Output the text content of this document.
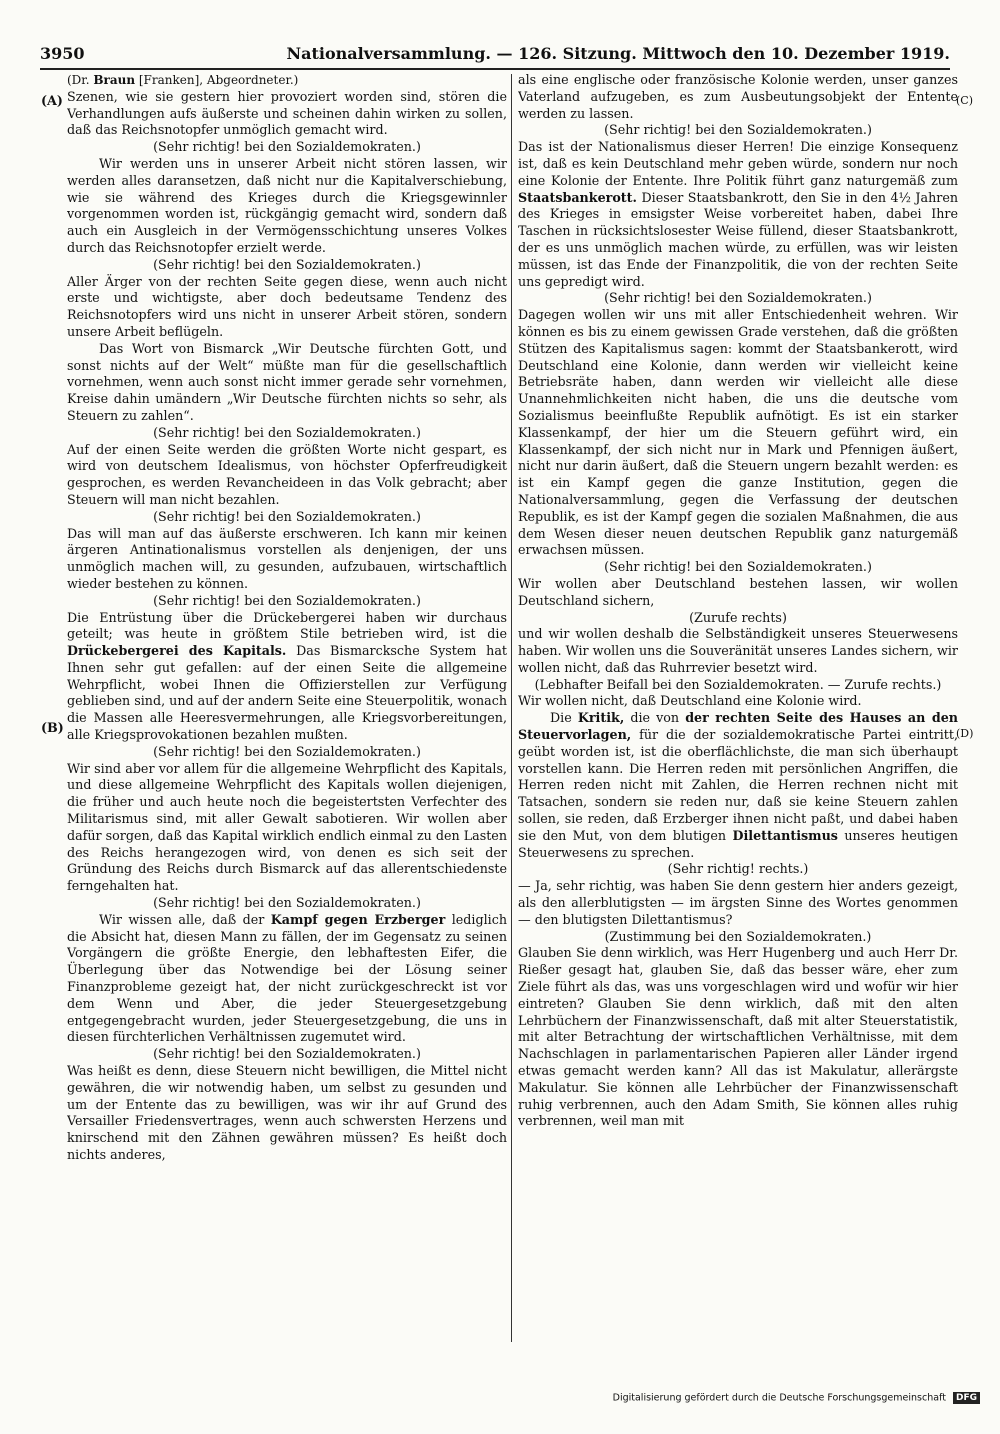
3950	Nationalversammlung. — 126. Sitzung. Mittwoch den 10. Dezember 1919.
(A)
(B)	(D)
(C)

(Dr. Braun [Franken], Abgeordneter.)

Szenen, wie sie gestern hier provoziert worden sind, stören die Verhandlungen aufs äußerste und scheinen dahin wirken zu sollen, daß das Reichsnotopfer unmöglich gemacht wird.

(Sehr richtig! bei den Sozialdemokraten.)

Wir werden uns in unserer Arbeit nicht stören lassen, wir werden alles daransetzen, daß nicht nur die Kapitalverschiebung, wie sie während des Krieges durch die Kriegsgewinnler vorgenommen worden ist, rückgängig gemacht wird, sondern daß auch ein Ausgleich in der Vermögensschichtung unseres Volkes durch das Reichsnotopfer erzielt werde.

(Sehr richtig! bei den Sozialdemokraten.)

Aller Ärger von der rechten Seite gegen diese, wenn auch nicht erste und wichtigste, aber doch bedeutsame Tendenz des Reichsnotopfers wird uns nicht in unserer Arbeit stören, sondern unsere Arbeit beflügeln.

Das Wort von Bismarck „Wir Deutsche fürchten Gott, und sonst nichts auf der Welt“ müßte man für die gesellschaftlich vornehmen, wenn auch sonst nicht immer gerade sehr vornehmen, Kreise dahin umändern „Wir Deutsche fürchten nichts so sehr, als Steuern zu zahlen“.

(Sehr richtig! bei den Sozialdemokraten.)

Auf der einen Seite werden die größten Worte nicht gespart, es wird von deutschem Idealismus, von höchster Opferfreudigkeit gesprochen, es werden Revancheideen in das Volk gebracht; aber Steuern will man nicht bezahlen.

(Sehr richtig! bei den Sozialdemokraten.)

Das will man auf das äußerste erschweren. Ich kann mir keinen ärgeren Antinationalismus vorstellen als denjenigen, der uns unmöglich machen will, zu gesunden, aufzubauen, wirtschaftlich wieder bestehen zu können.

(Sehr richtig! bei den Sozialdemokraten.)

Die Entrüstung über die Drückebergerei haben wir durchaus geteilt; was heute in größtem Stile betrieben wird, ist die Drückebergerei des Kapitals. Das Bismarcksche System hat Ihnen sehr gut gefallen: auf der einen Seite die allgemeine Wehrpflicht, wobei Ihnen die Offizierstellen zur Verfügung geblieben sind, und auf der andern Seite eine Steuerpolitik, wonach die Massen alle Heeresvermehrungen, alle Kriegsvorbereitungen, alle Kriegsprovokationen bezahlen mußten.

(Sehr richtig! bei den Sozialdemokraten.)

Wir sind aber vor allem für die allgemeine Wehrpflicht des Kapitals, und diese allgemeine Wehrpflicht des Kapitals wollen diejenigen, die früher und auch heute noch die begeistertsten Verfechter des Militarismus sind, mit aller Gewalt sabotieren. Wir wollen aber dafür sorgen, daß das Kapital wirklich endlich einmal zu den Lasten des Reichs herangezogen wird, von denen es sich seit der Gründung des Reichs durch Bismarck auf das allerentschiedenste ferngehalten hat.

(Sehr richtig! bei den Sozialdemokraten.)

Wir wissen alle, daß der Kampf gegen Erzberger lediglich die Absicht hat, diesen Mann zu fällen, der im Gegensatz zu seinen Vorgängern die größte Energie, den lebhaftesten Eifer, die Überlegung über das Notwendige bei der Lösung seiner Finanzprobleme gezeigt hat, der nicht zurückgeschreckt ist vor dem Wenn und Aber, die jeder Steuergesetzgebung entgegengebracht wurden, jeder Steuergesetzgebung, die uns in diesen fürchterlichen Verhältnissen zugemutet wird.

(Sehr richtig! bei den Sozialdemokraten.)

Was heißt es denn, diese Steuern nicht bewilligen, die Mittel nicht gewähren, die wir notwendig haben, um selbst zu gesunden und um der Entente das zu bewilligen, was wir ihr auf Grund des Versailler Friedensvertrages, wenn auch schwersten Herzens und knirschend mit den Zähnen gewähren müssen? Es heißt doch nichts anderes,

als eine englische oder französische Kolonie werden, unser ganzes Vaterland aufzugeben, es zum Ausbeutungsobjekt der Entente werden zu lassen.

(Sehr richtig! bei den Sozialdemokraten.)

Das ist der Nationalismus dieser Herren! Die einzige Konsequenz ist, daß es kein Deutschland mehr geben würde, sondern nur noch eine Kolonie der Entente. Ihre Politik führt ganz naturgemäß zum Staatsbankerott. Dieser Staatsbankrott, den Sie in den 4½ Jahren des Krieges in emsigster Weise vorbereitet haben, dabei Ihre Taschen in rücksichtslosester Weise füllend, dieser Staatsbankrott, der es uns unmöglich machen würde, zu erfüllen, was wir leisten müssen, ist das Ende der Finanzpolitik, die von der rechten Seite uns gepredigt wird.

(Sehr richtig! bei den Sozialdemokraten.)

Dagegen wollen wir uns mit aller Entschiedenheit wehren. Wir können es bis zu einem gewissen Grade verstehen, daß die größten Stützen des Kapitalismus sagen: kommt der Staatsbankerott, wird Deutschland eine Kolonie, dann werden wir vielleicht keine Betriebsräte haben, dann werden wir vielleicht alle diese Unannehmlichkeiten nicht haben, die uns die deutsche vom Sozialismus beeinflußte Republik aufnötigt. Es ist ein starker Klassenkampf, der hier um die Steuern geführt wird, ein Klassenkampf, der sich nicht nur in Mark und Pfennigen äußert, nicht nur darin äußert, daß die Steuern ungern bezahlt werden: es ist ein Kampf gegen die ganze Institution, gegen die Nationalversammlung, gegen die Verfassung der deutschen Republik, es ist der Kampf gegen die sozialen Maßnahmen, die aus dem Wesen dieser neuen deutschen Republik ganz naturgemäß erwachsen müssen.

(Sehr richtig! bei den Sozialdemokraten.)

Wir wollen aber Deutschland bestehen lassen, wir wollen Deutschland sichern,

(Zurufe rechts)

und wir wollen deshalb die Selbständigkeit unseres Steuerwesens haben. Wir wollen uns die Souveränität unseres Landes sichern, wir wollen nicht, daß das Ruhrrevier besetzt wird.

(Lebhafter Beifall bei den Sozialdemokraten. — Zurufe rechts.)

Wir wollen nicht, daß Deutschland eine Kolonie wird.

Die Kritik, die von der rechten Seite des Hauses an den Steuervorlagen, für die der sozialdemokratische Partei eintritt, geübt worden ist, ist die oberflächlichste, die man sich überhaupt vorstellen kann. Die Herren reden mit persönlichen Angriffen, die Herren reden nicht mit Zahlen, die Herren rechnen nicht mit Tatsachen, sondern sie reden nur, daß sie keine Steuern zahlen sollen, sie reden, daß Erzberger ihnen nicht paßt, und dabei haben sie den Mut, von dem blutigen Dilettantismus unseres heutigen Steuerwesens zu sprechen.

(Sehr richtig! rechts.)

— Ja, sehr richtig, was haben Sie denn gestern hier anders gezeigt, als den allerblutigsten — im ärgsten Sinne des Wortes genommen — den blutigsten Dilettantismus?

(Zustimmung bei den Sozialdemokraten.)

Glauben Sie denn wirklich, was Herr Hugenberg und auch Herr Dr. Rießer gesagt hat, glauben Sie, daß das besser wäre, eher zum Ziele führt als das, was uns vorgeschlagen wird und wofür wir hier eintreten? Glauben Sie denn wirklich, daß mit den alten Lehrbüchern der Finanzwissenschaft, daß mit alter Steuerstatistik, mit alter Betrachtung der wirtschaftlichen Verhältnisse, mit dem Nachschlagen in parlamentarischen Papieren aller Länder irgend etwas gemacht werden kann? All das ist Makulatur, allerärgste Makulatur. Sie können alle Lehrbücher der Finanzwissenschaft ruhig verbrennen, auch den Adam Smith, Sie können alles ruhig verbrennen, weil man mit

Digitalisierung gefördert durch die Deutsche Forschungsgemeinschaft DFG
